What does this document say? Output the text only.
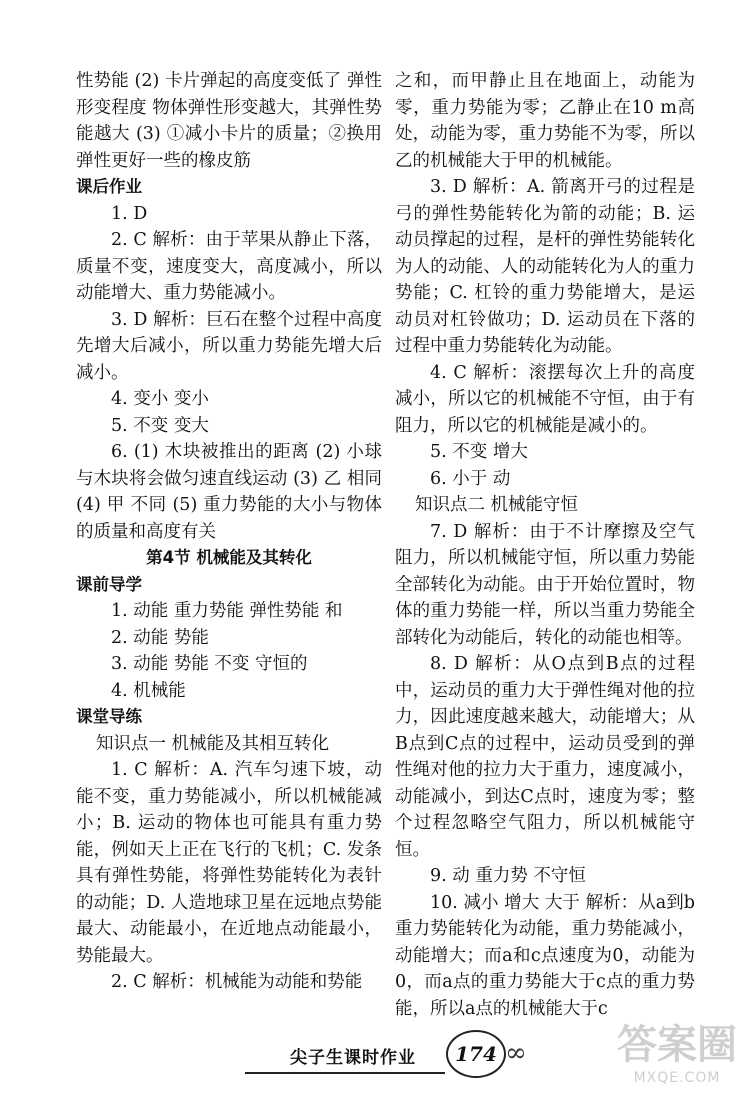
性势能 (2) 卡片弹起的高度变低了 弹性形变程度 物体弹性形变越大，其弹性势能越大 (3) ①减小卡片的质量；②换用弹性更好一些的橡皮筋

课后作业

1. D

2. C 解析：由于苹果从静止下落，质量不变，速度变大，高度减小，所以动能增大、重力势能减小。

3. D 解析：巨石在整个过程中高度先增大后减小，所以重力势能先增大后减小。

4. 变小 变小

5. 不变 变大

6. (1) 木块被推出的距离 (2) 小球与木块将会做匀速直线运动 (3) 乙 相同 (4) 甲 不同 (5) 重力势能的大小与物体的质量和高度有关

第4节 机械能及其转化

课前导学

1. 动能 重力势能 弹性势能 和

2. 动能 势能

3. 动能 势能 不变 守恒的

4. 机械能

课堂导练

知识点一 机械能及其相互转化

1. C 解析：A. 汽车匀速下坡，动能不变，重力势能减小，所以机械能减小；B. 运动的物体也可能具有重力势能，例如天上正在飞行的飞机；C. 发条具有弹性势能，将弹性势能转化为表针的动能；D. 人造地球卫星在远地点势能最大、动能最小，在近地点动能最小，势能最大。

2. C 解析：机械能为动能和势能

之和，而甲静止且在地面上，动能为零，重力势能为零；乙静止在10 m高处，动能为零，重力势能不为零，所以乙的机械能大于甲的机械能。

3. D 解析：A. 箭离开弓的过程是弓的弹性势能转化为箭的动能；B. 运动员撑起的过程，是杆的弹性势能转化为人的动能、人的动能转化为人的重力势能；C. 杠铃的重力势能增大，是运动员对杠铃做功；D. 运动员在下落的过程中重力势能转化为动能。

4. C 解析：滚摆每次上升的高度减小，所以它的机械能不守恒，由于有阻力，所以它的机械能是减小的。

5. 不变 增大

6. 小于 动

知识点二 机械能守恒

7. D 解析：由于不计摩擦及空气阻力，所以机械能守恒，所以重力势能全部转化为动能。由于开始位置时，物体的重力势能一样，所以当重力势能全部转化为动能后，转化的动能也相等。

8. D 解析：从O点到B点的过程中，运动员的重力大于弹性绳对他的拉力，因此速度越来越大，动能增大；从B点到C点的过程中，运动员受到的弹性绳对他的拉力大于重力，速度减小，动能减小，到达C点时，速度为零；整个过程忽略空气阻力，所以机械能守恒。

9. 动 重力势 不守恒

10. 减小 增大 大于 解析：从a到b重力势能转化为动能，重力势能减小，动能增大；而a和c点速度为0，动能为0，而a点的重力势能大于c点的重力势能，所以a点的机械能大于c

尖子生课时作业 174 ∞ 答案圈
MXQE.COM
